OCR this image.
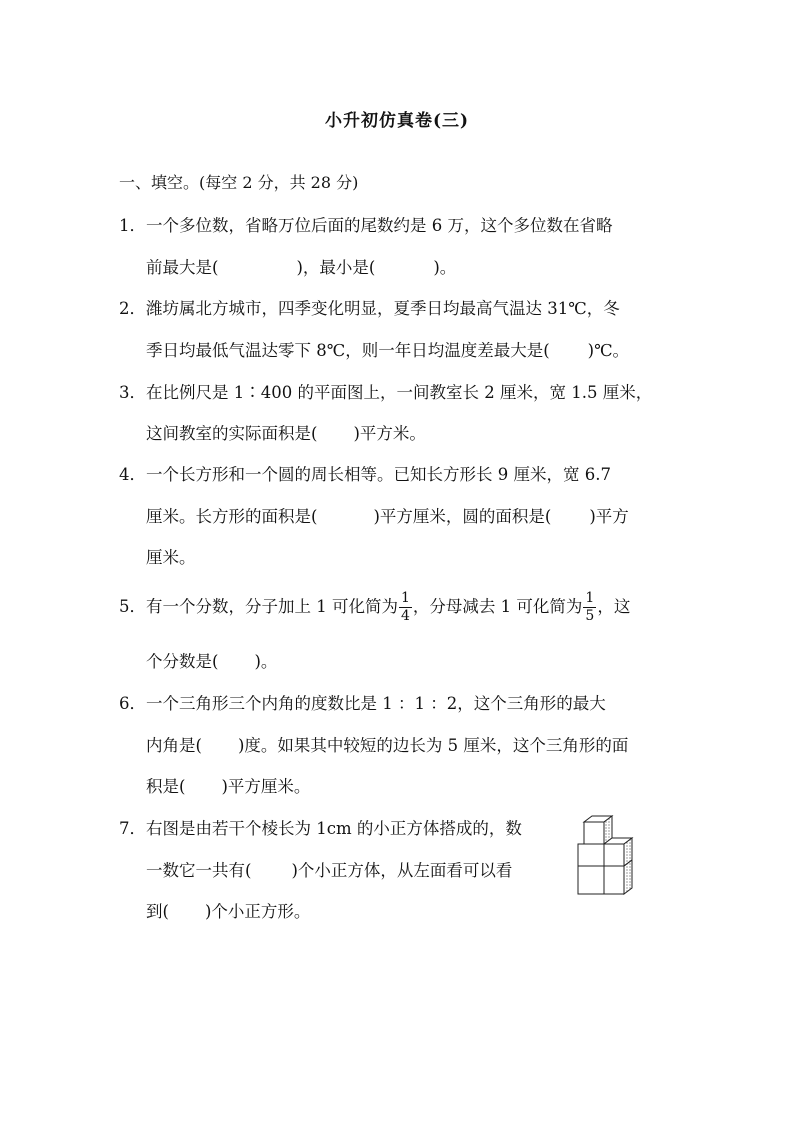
小升初仿真卷(三)
一、填空。(每空 2 分，共 28 分)
1．一个多位数，省略万位后面的尾数约是 6 万，这个多位数在省略
前最大是(	)，最小是(	)。
2．潍坊属北方城市，四季变化明显，夏季日均最高气温达 31℃，冬
季日均最低气温达零下 8℃，则一年日均温度差最大是( )℃。
3．在比例尺是 1∶400 的平面图上，一间教室长 2 厘米，宽 1.5 厘米，
这间教室的实际面积是( )平方米。
4．一个长方形和一个圆的周长相等。已知长方形长 9 厘米，宽 6.7
厘米。长方形的面积是(	)平方厘米，圆的面积是( )平方
厘米。
5．有一个分数，分子加上 1 可化简为 $\frac{1}{4}$ ，分母减去 1 可化简为 $\frac{1}{5}$ ，这
个分数是( )。
6．一个三角形三个内角的度数比是 1 ：1 ：2，这个三角形的最大
内角是( )度。如果其中较短的边长为 5 厘米，这个三角形的面
积是( )平方厘米。
7．右图是由若干个棱长为 1cm 的小正方体搭成的，数
一数它一共有( )个小正方体，从左面看可以看
到( )个小正方形。
